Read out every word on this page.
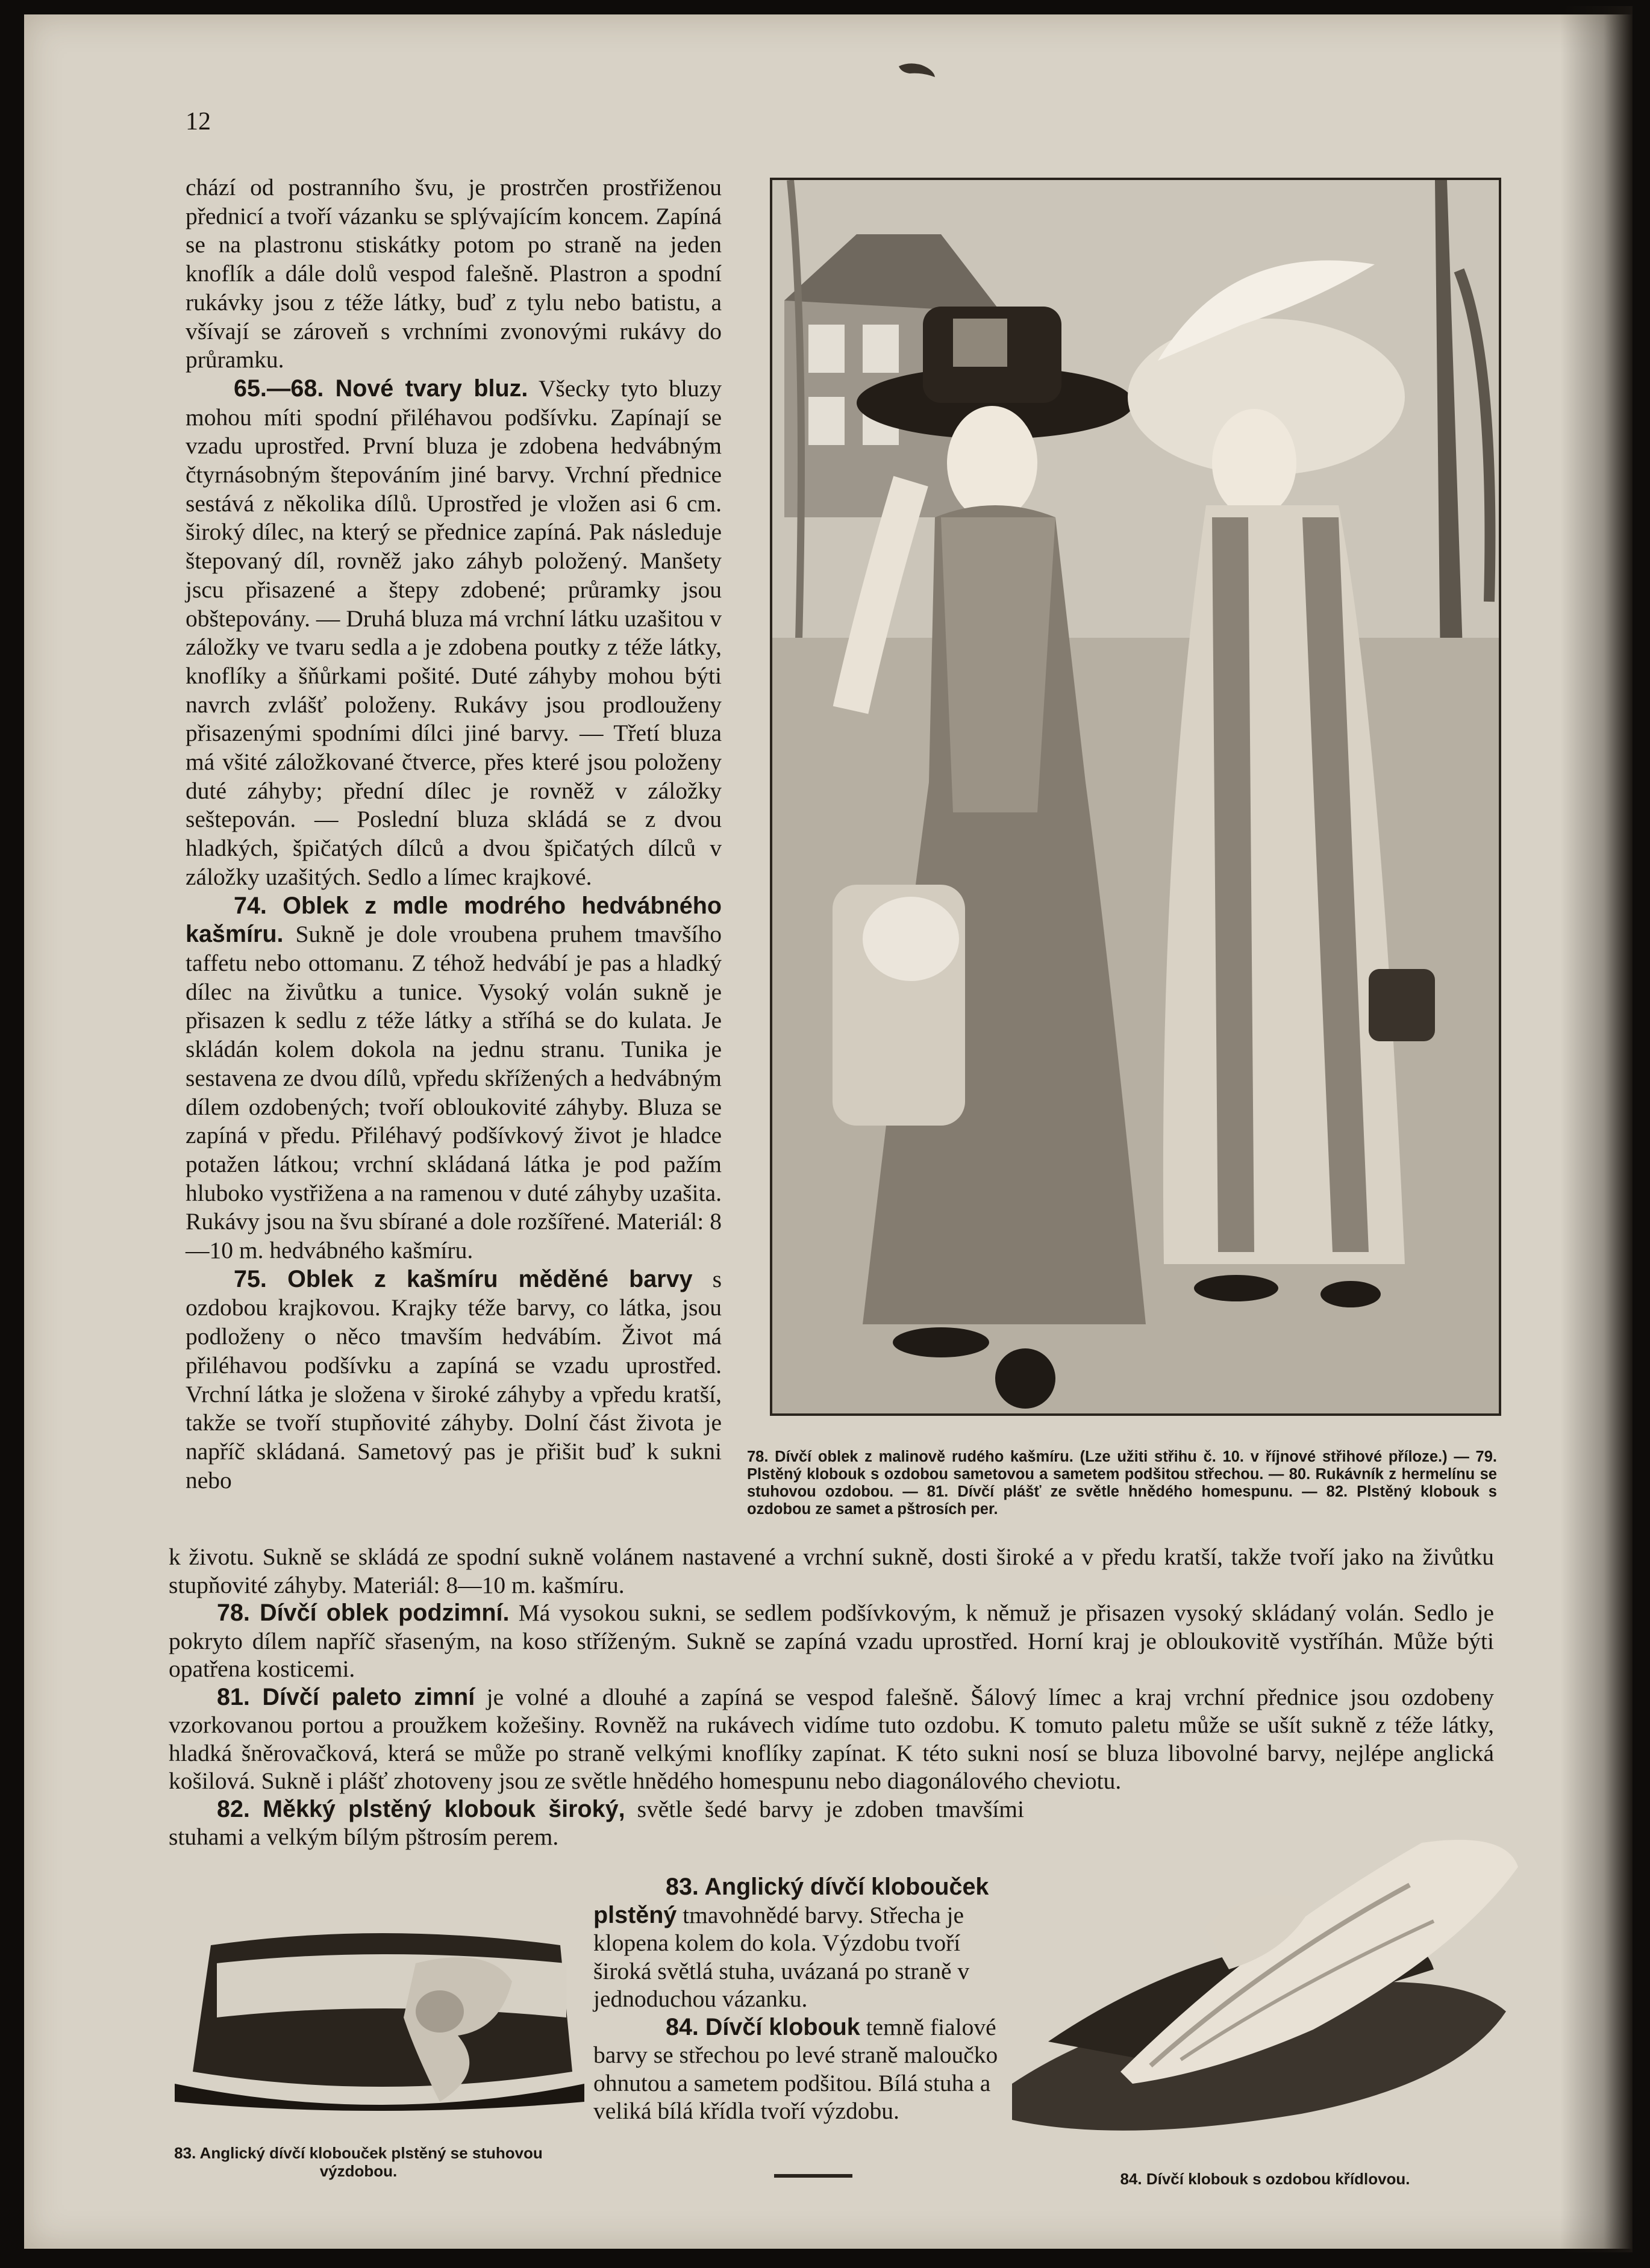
12

chází od postranního švu, je prostrčen prostřiženou přednicí a tvoří vázanku se splývajícím koncem. Zapíná se na plastronu stiskátky potom po straně na jeden knoflík a dále dolů vespod falešně. Plastron a spodní rukávky jsou z téže látky, buď z tylu nebo batistu, a všívají se zároveň s vrchními zvonovými rukávy do průramku.

65.—68. Nové tvary bluz. Všecky tyto bluzy mohou míti spodní přiléhavou podšívku. Zapínají se vzadu uprostřed. První bluza je zdobena hedvábným čtyrnásobným štepováním jiné barvy. Vrchní přednice sestává z několika dílů. Uprostřed je vložen asi 6 cm. široký dílec, na který se přednice zapíná. Pak následuje štepovaný díl, rovněž jako záhyb položený. Manšety jscu přisazené a štepy zdobené; průramky jsou obštepovány. — Druhá bluza má vrchní látku uzašitou v záložky ve tvaru sedla a je zdobena poutky z téže látky, knoflíky a šňůrkami pošité. Duté záhyby mohou býti navrch zvlášť položeny. Rukávy jsou prodlouženy přisazenými spodními dílci jiné barvy. — Třetí bluza má všité záložkované čtverce, přes které jsou položeny duté záhyby; přední dílec je rovněž v záložky seštepován. — Poslední bluza skládá se z dvou hladkých, špičatých dílců a dvou špičatých dílců v záložky uzašitých. Sedlo a límec krajkové.

74. Oblek z mdle modrého hedvábného kašmíru. Sukně je dole vroubena pruhem tmavšího taffetu nebo ottomanu. Z téhož hedvábí je pas a hladký dílec na živůtku a tunice. Vysoký volán sukně je přisazen k sedlu z téže látky a stříhá se do kulata. Je skládán kolem dokola na jednu stranu. Tunika je sestavena ze dvou dílů, vpředu skřížených a hedvábným dílem ozdobených; tvoří obloukovité záhyby. Bluza se zapíná v předu. Přiléhavý podšívkový život je hladce potažen látkou; vrchní skládaná látka je pod pažím hluboko vystřižena a na ramenou v duté záhyby uzašita. Rukávy jsou na švu sbírané a dole rozšířené. Materiál: 8—10 m. hedvábného kašmíru.

75. Oblek z kašmíru měděné barvy s ozdobou krajkovou. Krajky téže barvy, co látka, jsou podloženy o něco tmavším hedvábím. Život má přiléhavou podšívku a zapíná se vzadu uprostřed. Vrchní látka je složena v široké záhyby a vpředu kratší, takže se tvoří stupňovité záhyby. Dolní část života je napříč skládaná. Sametový pas je přišit buď k sukni nebo

78. Dívčí oblek z malinově rudého kašmíru. (Lze užiti střihu č. 10. v říjnové střihové příloze.) — 79. Plstěný klobouk s ozdobou sametovou a sametem podšitou střechou. — 80. Rukávník z hermelínu se stuhovou ozdobou. — 81. Dívčí plášť ze světle hnědého homespunu. — 82. Plstěný klobouk s ozdobou ze samet a pštrosích per.

k životu. Sukně se skládá ze spodní sukně volánem nastavené a vrchní sukně, dosti široké a v předu kratší, takže tvoří jako na živůtku stupňovité záhyby. Materiál: 8—10 m. kašmíru.

78. Dívčí oblek podzimní. Má vysokou sukni, se sedlem podšívkovým, k němuž je přisazen vysoký skládaný volán. Sedlo je pokryto dílem napříč sřaseným, na koso stříženým. Sukně se zapíná vzadu uprostřed. Horní kraj je obloukovitě vystříhán. Může býti opatřena kosticemi.

81. Dívčí paleto zimní je volné a dlouhé a zapíná se vespod falešně. Šálový límec a kraj vrchní přednice jsou ozdobeny vzorkovanou portou a proužkem kožešiny. Rovněž na rukávech vidíme tuto ozdobu. K tomuto paletu může se ušít sukně z téže látky, hladká šněrovačková, která se může po straně velkými knoflíky zapínat. K této sukni nosí se bluza libovolné barvy, nejlépe anglická košilová. Sukně i plášť zhotoveny jsou ze světle hnědého homespunu nebo diagonálového cheviotu.

82. Měkký plstěný klobouk široký, světle šedé barvy je zdoben tmavšími stuhami a velkým bílým pštrosím perem.

83. Anglický dívčí klobouček plstěný tmavohnědé barvy. Střecha je klopena kolem do kola. Výzdobu tvoří široká světlá stuha, uvázaná po straně v jednoduchou vázanku.

84. Dívčí klobouk temně fialové barvy se střechou po levé straně maloučko ohnutou a sametem podšitou. Bílá stuha a veliká bílá křídla tvoří výzdobu.

83. Anglický dívčí klobouček plstěný se stuhovou výzdobou.	84. Dívčí klobouk s ozdobou křídlovou.
